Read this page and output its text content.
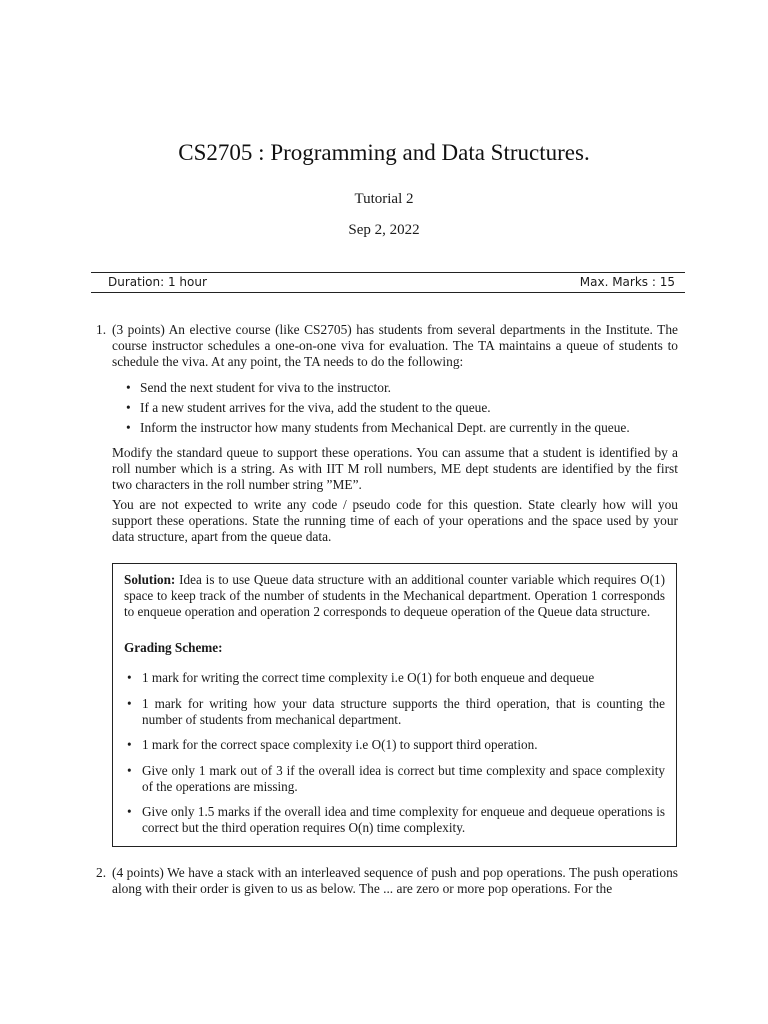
CS2705 : Programming and Data Structures.
Tutorial 2
Sep 2, 2022
Duration: 1 hour	Max. Marks : 15
1. (3 points) An elective course (like CS2705) has students from several departments in the Institute. The course instructor schedules a one-on-one viva for evaluation. The TA maintains a queue of students to schedule the viva. At any point, the TA needs to do the following:

• Send the next student for viva to the instructor.
• If a new student arrives for the viva, add the student to the queue.
• Inform the instructor how many students from Mechanical Dept. are currently in the queue.

Modify the standard queue to support these operations. You can assume that a student is identified by a roll number which is a string. As with IIT M roll numbers, ME dept students are identified by the first two characters in the roll number string ”ME”.

You are not expected to write any code / pseudo code for this question. State clearly how will you support these operations. State the running time of each of your operations and the space used by your data structure, apart from the queue data.

Solution: Idea is to use Queue data structure with an additional counter variable which requires O(1) space to keep track of the number of students in the Mechanical department. Operation 1 corresponds to enqueue operation and operation 2 corresponds to dequeue operation of the Queue data structure.
Grading Scheme:
• 1 mark for writing the correct time complexity i.e O(1) for both enqueue and dequeue
• 1 mark for writing how your data structure supports the third operation, that is counting the number of students from mechanical department.
• 1 mark for the correct space complexity i.e O(1) to support third operation.
• Give only 1 mark out of 3 if the overall idea is correct but time complexity and space complexity of the operations are missing.
• Give only 1.5 marks if the overall idea and time complexity for enqueue and dequeue operations is correct but the third operation requires O(n) time complexity.
2. (4 points) We have a stack with an interleaved sequence of push and pop operations. The push operations along with their order is given to us as below. The ... are zero or more pop operations. For the
